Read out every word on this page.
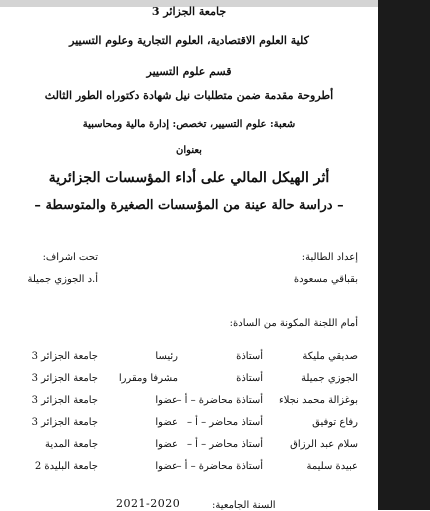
جامعة الجزائر 3
كلية العلوم الاقتصادية، العلوم التجارية وعلوم التسيير
قسم علوم التسيير
أطروحة مقدمة ضمن متطلبات نيل شهادة دكتوراه الطور الثالث
شعبة: علوم التسيير، تخصص: إدارة مالية ومحاسبية
بعنوان
أثر الهيكل المالي على أداء المؤسسات الجزائرية
– دراسة حالة عينة من المؤسسات الصغيرة والمتوسطة –
إعداد الطالبة:
بقباقي مسعودة
تحت اشراف:
أ.د الجوزي جميلة
أمام اللجنة المكونة من السادة:
صديقي مليكة
أستاذة
رئيسا
جامعة الجزائر 3
الجوزي جميلة
أستاذة
مشرفا ومقررا
جامعة الجزائر 3
بوغزالة محمد نجلاء
أستاذة محاضرة – أ –
عضوا
جامعة الجزائر 3
رفاع توفيق
أستاذ محاضر – أ –
عضوا
جامعة الجزائر 3
سلام عبد الرزاق
أستاذ محاضر – أ –
عضوا
جامعة المدية
عبيدة سليمة
أستاذة محاضرة – أ –
عضوا
جامعة البليدة 2
السنة الجامعية:
2021-2020
